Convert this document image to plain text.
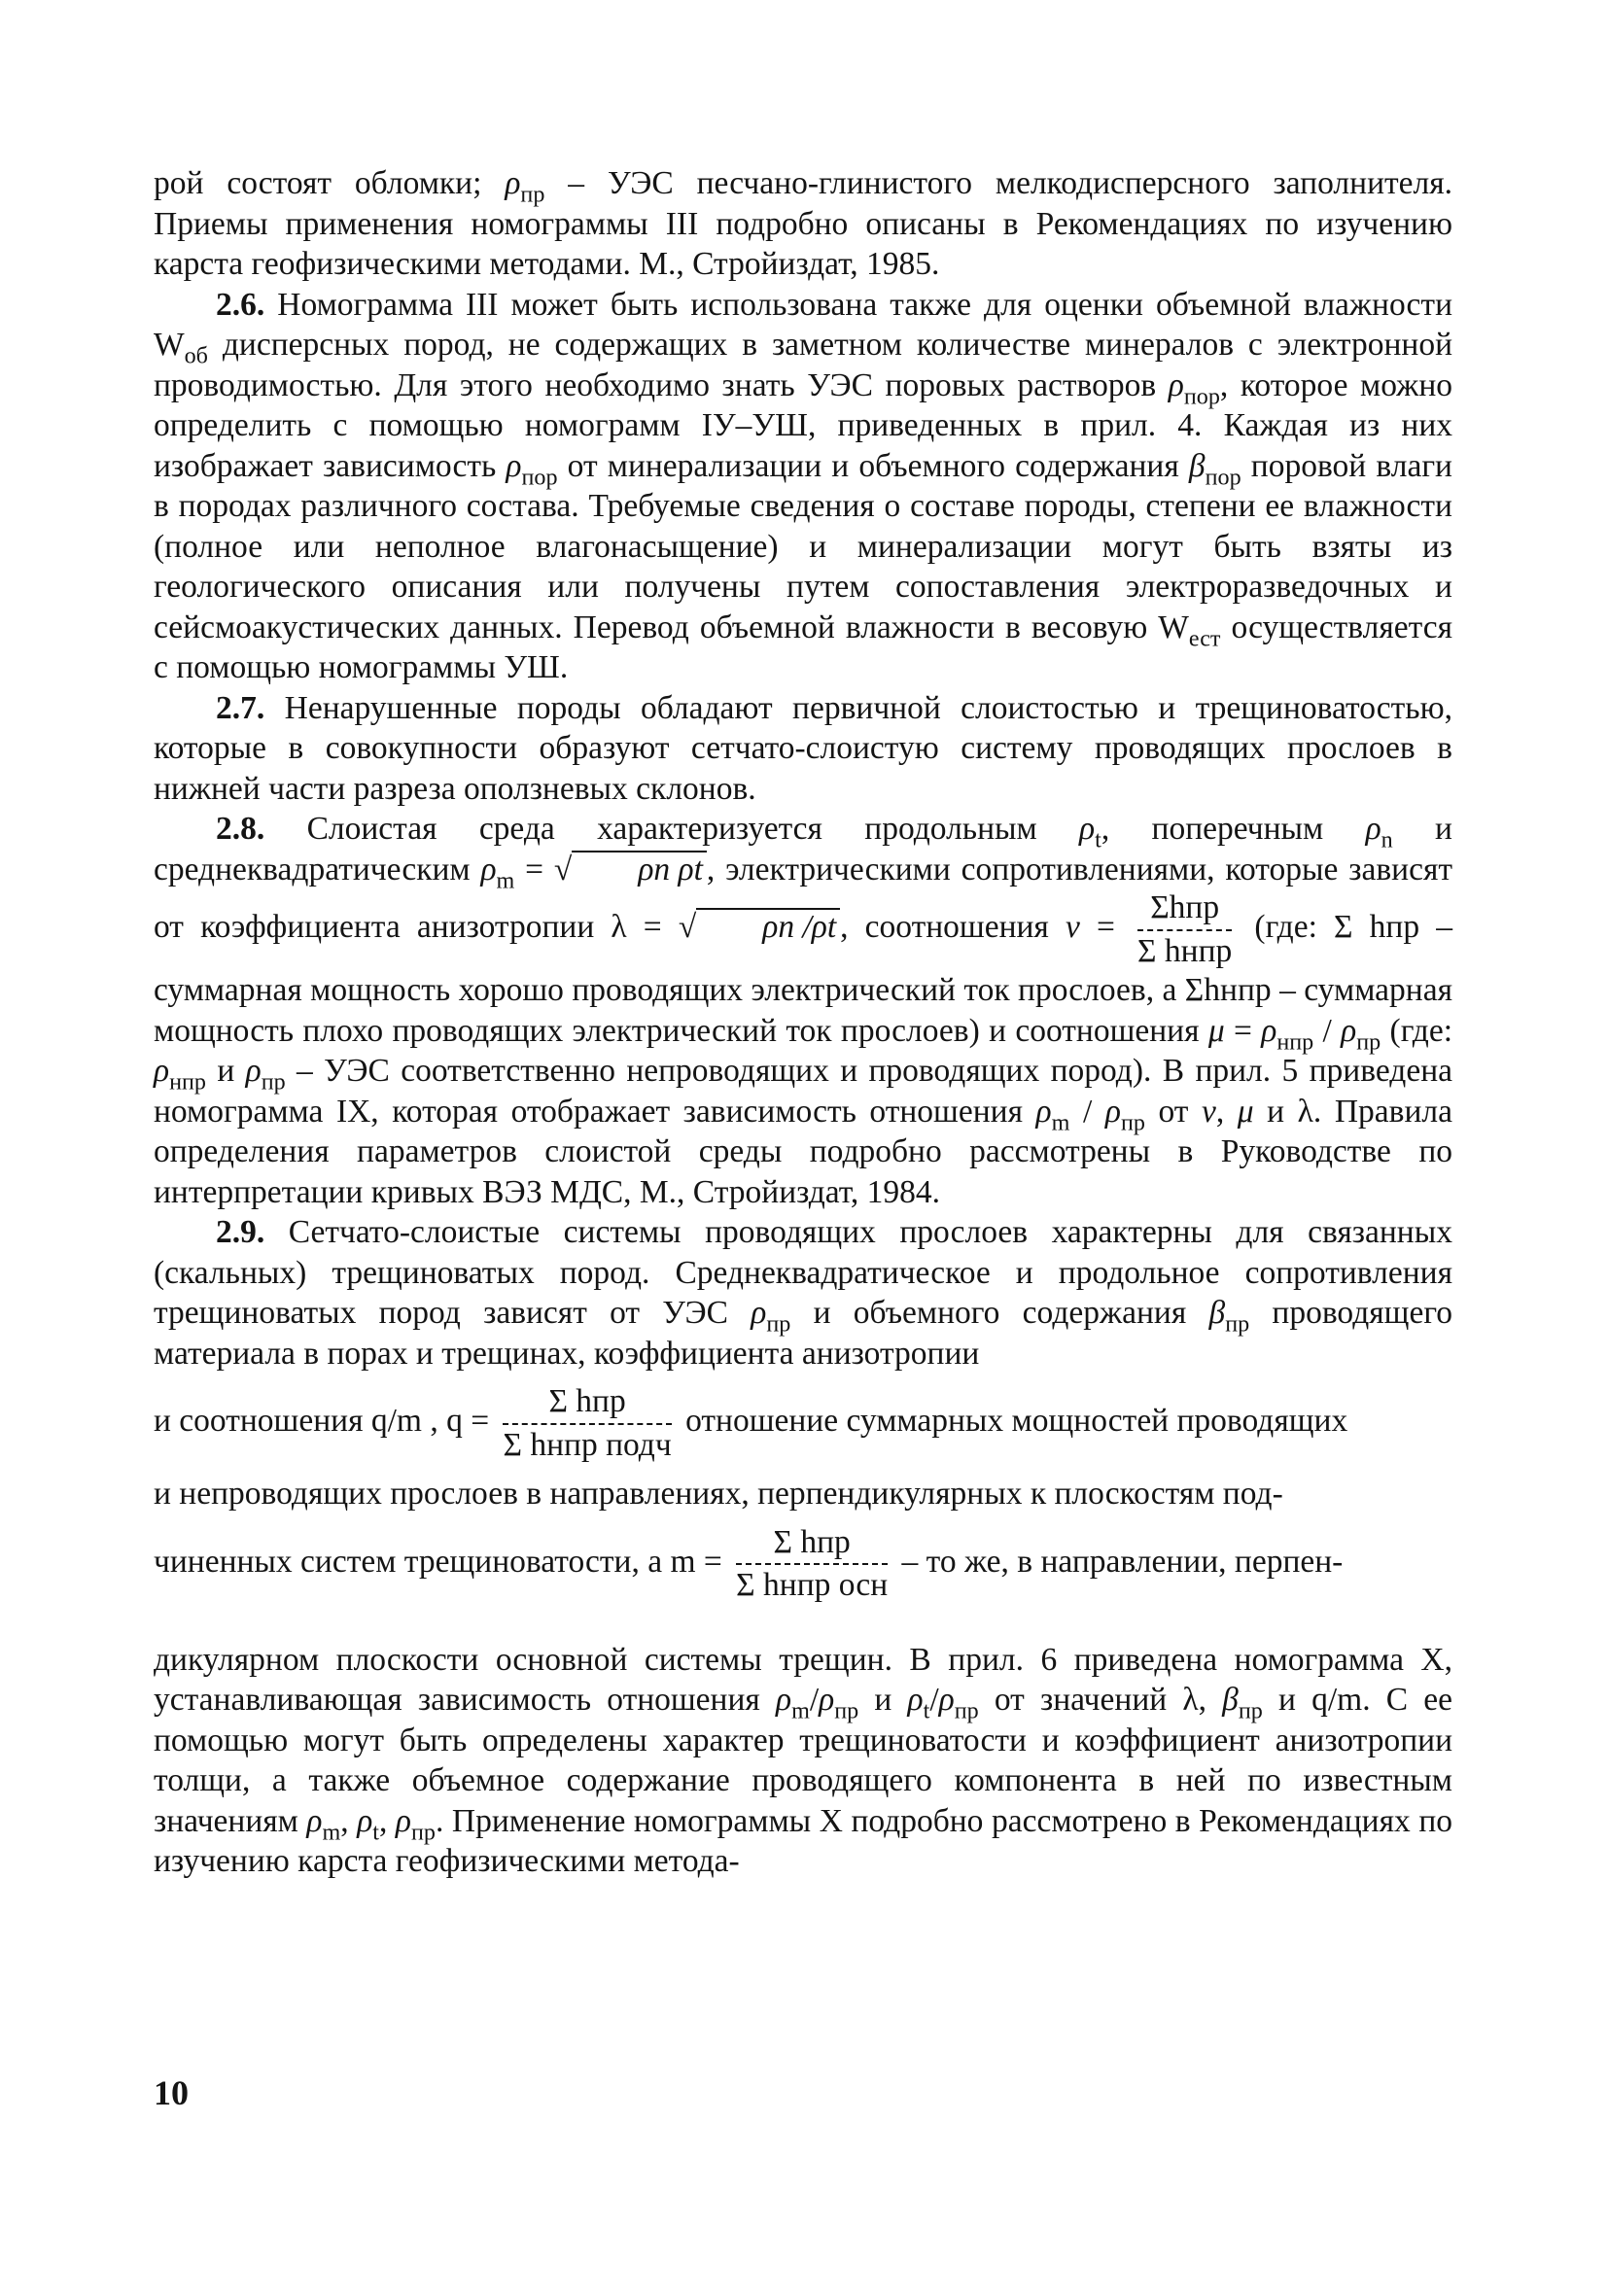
рой состоят обломки; $\rho_{пр}$ – УЭС песчано-глинистого мелкодисперсного заполнителя. Приемы применения номограммы III подробно описаны в Рекомендациях по изучению карста геофизическими методами. М., Стройиздат, 1985.

2.6. Номограмма III может быть использована также для оценки объемной влажности $W_{об}$ дисперсных пород, не содержащих в заметном количестве минералов с электронной проводимостью. Для этого необходимо знать УЭС поровых растворов $\rho_{пор}$, которое можно определить с помощью номограмм IУ–УШ, приведенных в прил. 4. Каждая из них изображает зависимость $\rho_{пор}$ от минерализации и объемного содержания $\beta_{пор}$ поровой влаги в породах различного состава. Требуемые сведения о составе породы, степени ее влажности (полное или неполное влагонасыщение) и минерализации могут быть взяты из геологического описания или получены путем сопоставления электроразведочных и сейсмоакустических данных. Перевод объемной влажности в весовую $W_{ест}$ осуществляется с помощью номограммы УШ.

2.7. Ненарушенные породы обладают первичной слоистостью и трещиноватостью, которые в совокупности образуют сетчато-слоистую систему проводящих прослоев в нижней части разреза оползневых склонов.

2.8. Слоистая среда характеризуется продольным $\rho_t$, поперечным $\rho_n$ и среднеквадратическим $\rho_m$ = √ ρn ρt , электрическими сопротивлениями, которые зависят от коэффициента анизотропии λ = √ ρn /ρt , соотношения $\nu = \frac{\text{Σhпр}}{\text{Σ hнпр}} (где$: Σ hпр – суммарная мощность хорошо проводящих электрический ток прослоев, а Σhнпр – суммарная мощность плохо проводящих электрический ток прослоев) и соотношения $\mu = \rho_{нпр} / \rho_{пр}$ (где: $\rho_{нпр}$ и $\rho_{пр}$ – УЭС соответственно непроводящих и проводящих пород). В прил. 5 приведена номограмма IX, которая отображает зависимость отношения $\rho_m / \rho_{пр}$ от ν, μ и λ. Правила определения параметров слоистой среды подробно рассмотрены в Руководстве по интерпретации кривых ВЭЗ МДС, М., Стройиздат, 1984.

2.9. Сетчато-слоистые системы проводящих прослоев характерны для связанных (скальных) трещиноватых пород. Среднеквадратическое и продольное сопротивления трещиноватых пород зависят от УЭС $\rho_{пр}$ и объемного содержания $\beta_{пр}$ проводящего материала в порах и трещинах, коэффициента анизотропии

и соотношения q/m , $q = \frac{\text{Σ hпр}}{\text{Σ hнпр подч}}$ отношение суммарных мощностей проводящих

и непроводящих прослоев в направлениях, перпендикулярных к плоскостям под-

чиненных систем трещиноватости, а $m = \frac{\text{Σ hпр}}{\text{Σ hнпр осн}}$ – то же, в направлении, перпен-

дикулярном плоскости основной системы трещин. В прил. 6 приведена номограмма X, устанавливающая зависимость отношения $\rho_m/\rho_{пр}$ и $\rho_t/\rho_{пр}$ от значений λ, $\beta_{пр}$ и q/m. С ее помощью могут быть определены характер трещиноватости и коэффициент анизотропии толщи, а также объемное содержание проводящего компонента в ней по известным значениям $\rho_m$, $\rho_t$, $\rho_{пр}$. Применение номограммы X подробно рассмотрено в Рекомендациях по изучению карста геофизическими метода-

10
